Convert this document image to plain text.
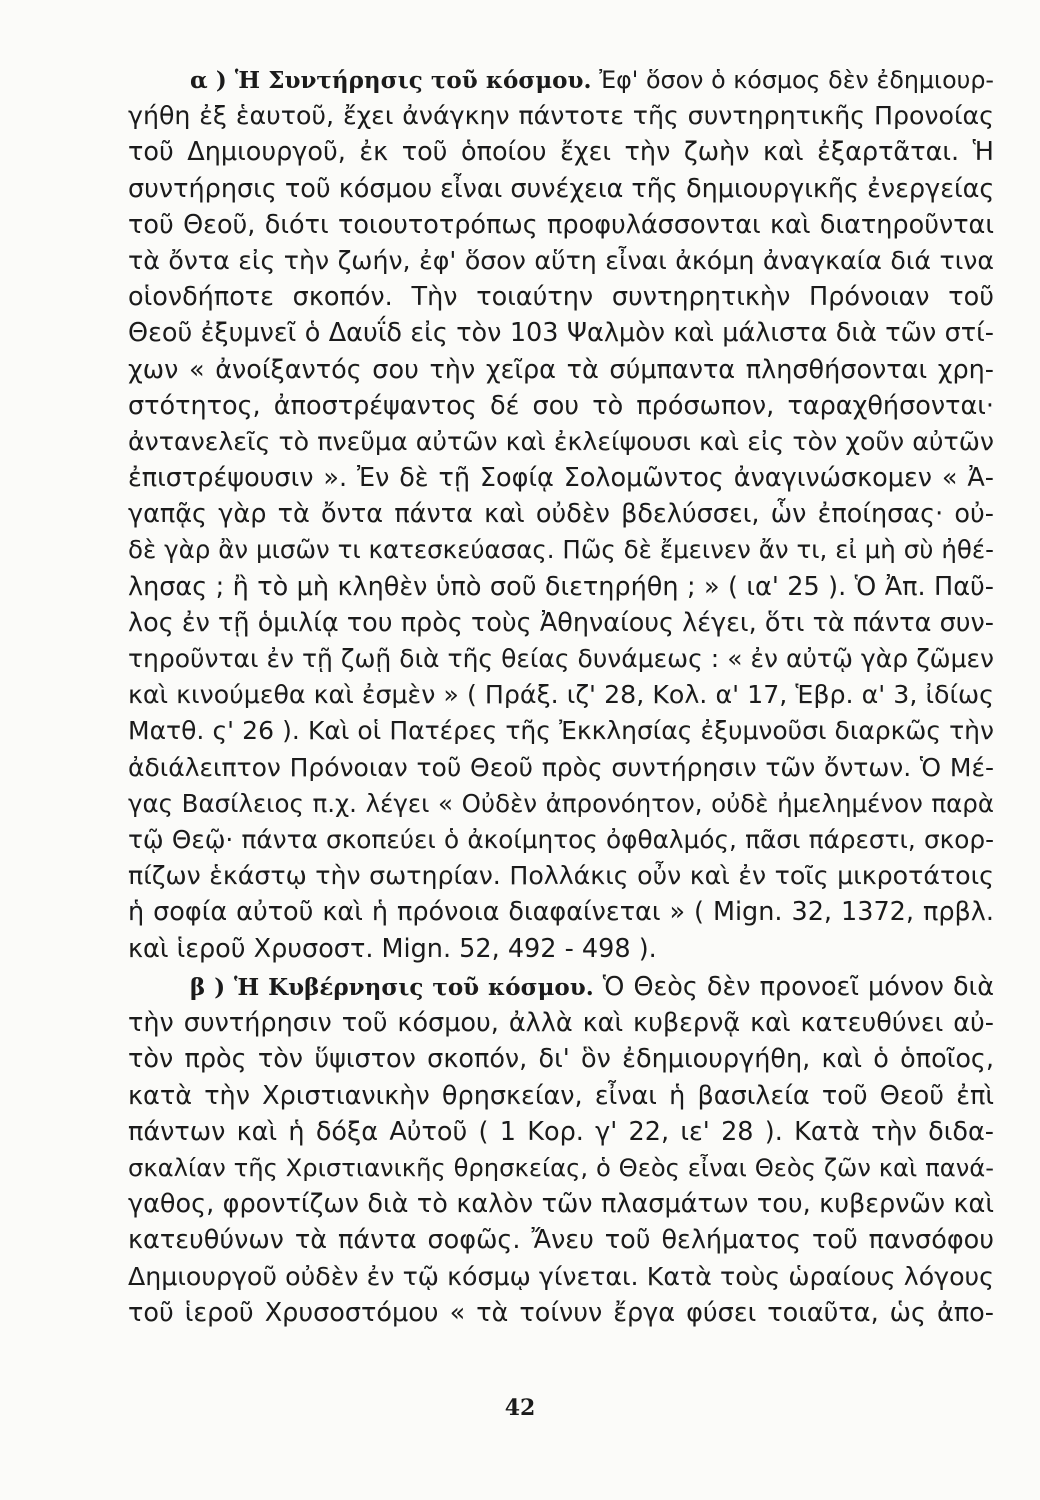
α ) Ἡ Συντήρησις τοῦ κόσμου. Ἐφ' ὅσον ὁ κόσμος δὲν ἐδημιουρ-
γήθη ἐξ ἑαυτοῦ, ἔχει ἀνάγκην πάντοτε τῆς συντηρητικῆς Προνοίας
τοῦ Δημιουργοῦ, ἐκ τοῦ ὁποίου ἔχει τὴν ζωὴν καὶ ἐξαρτᾶται. Ἡ
συντήρησις τοῦ κόσμου εἶναι συνέχεια τῆς δημιουργικῆς ἐνεργείας
τοῦ Θεοῦ, διότι τοιουτοτρόπως προφυλάσσονται καὶ διατηροῦνται
τὰ ὄντα εἰς τὴν ζωήν, ἐφ' ὅσον αὕτη εἶναι ἀκόμη ἀναγκαία διά τινα
οἱονδήποτε σκοπόν. Τὴν τοιαύτην συντηρητικὴν Πρόνοιαν τοῦ
Θεοῦ ἐξυμνεῖ ὁ Δαυΐδ εἰς τὸν 103 Ψαλμὸν καὶ μάλιστα διὰ τῶν στί-
χων « ἀνοίξαντός σου τὴν χεῖρα τὰ σύμπαντα πλησθήσονται χρη-
στότητος, ἀποστρέψαντος δέ σου τὸ πρόσωπον, ταραχθήσονται·
ἀντανελεῖς τὸ πνεῦμα αὐτῶν καὶ ἐκλείψουσι καὶ εἰς τὸν χοῦν αὐτῶν
ἐπιστρέψουσιν ». Ἐν δὲ τῇ Σοφίᾳ Σολομῶντος ἀναγινώσκομεν « Ἀ-
γαπᾷς γὰρ τὰ ὄντα πάντα καὶ οὐδὲν βδελύσσει, ὧν ἐποίησας· οὐ-
δὲ γὰρ ἂν μισῶν τι κατεσκεύασας. Πῶς δὲ ἔμεινεν ἄν τι, εἰ μὴ σὺ ἠθέ-
λησας ; ἢ τὸ μὴ κληθὲν ὑπὸ σοῦ διετηρήθη ; » ( ια' 25 ). Ὁ Ἀπ. Παῦ-
λος ἐν τῇ ὁμιλίᾳ του πρὸς τοὺς Ἀθηναίους λέγει, ὅτι τὰ πάντα συν-
τηροῦνται ἐν τῇ ζωῇ διὰ τῆς θείας δυνάμεως : « ἐν αὐτῷ γὰρ ζῶμεν
καὶ κινούμεθα καὶ ἐσμὲν » ( Πράξ. ιζ' 28, Κολ. α' 17, Ἑβρ. α' 3, ἰδίως
Ματθ. ς' 26 ). Καὶ οἱ Πατέρες τῆς Ἐκκλησίας ἐξυμνοῦσι διαρκῶς τὴν
ἀδιάλειπτον Πρόνοιαν τοῦ Θεοῦ πρὸς συντήρησιν τῶν ὄντων. Ὁ Μέ-
γας Βασίλειος π.χ. λέγει « Οὐδὲν ἀπρονόητον, οὐδὲ ἠμελημένον παρὰ
τῷ Θεῷ· πάντα σκοπεύει ὁ ἀκοίμητος ὀφθαλμός, πᾶσι πάρεστι, σκορ-
πίζων ἑκάστῳ τὴν σωτηρίαν. Πολλάκις οὖν καὶ ἐν τοῖς μικροτάτοις
ἡ σοφία αὐτοῦ καὶ ἡ πρόνοια διαφαίνεται » ( Mign. 32, 1372, πρβλ.
καὶ ἱεροῦ Χρυσοστ. Mign. 52, 492 - 498 ).
β ) Ἡ Κυβέρνησις τοῦ κόσμου. Ὁ Θεὸς δὲν προνοεῖ μόνον διὰ
τὴν συντήρησιν τοῦ κόσμου, ἀλλὰ καὶ κυβερνᾷ καὶ κατευθύνει αὐ-
τὸν πρὸς τὸν ὕψιστον σκοπόν, δι' ὃν ἐδημιουργήθη, καὶ ὁ ὁποῖος,
κατὰ τὴν Χριστιανικὴν θρησκείαν, εἶναι ἡ βασιλεία τοῦ Θεοῦ ἐπὶ
πάντων καὶ ἡ δόξα Αὐτοῦ ( 1 Κορ. γ' 22, ιε' 28 ). Κατὰ τὴν διδα-
σκαλίαν τῆς Χριστιανικῆς θρησκείας, ὁ Θεὸς εἶναι Θεὸς ζῶν καὶ πανά-
γαθος, φροντίζων διὰ τὸ καλὸν τῶν πλασμάτων του, κυβερνῶν καὶ
κατευθύνων τὰ πάντα σοφῶς. Ἄνευ τοῦ θελήματος τοῦ πανσόφου
Δημιουργοῦ οὐδὲν ἐν τῷ κόσμῳ γίνεται. Κατὰ τοὺς ὡραίους λόγους
τοῦ ἱεροῦ Χρυσοστόμου « τὰ τοίνυν ἔργα φύσει τοιαῦτα, ὡς ἀπο-
42
